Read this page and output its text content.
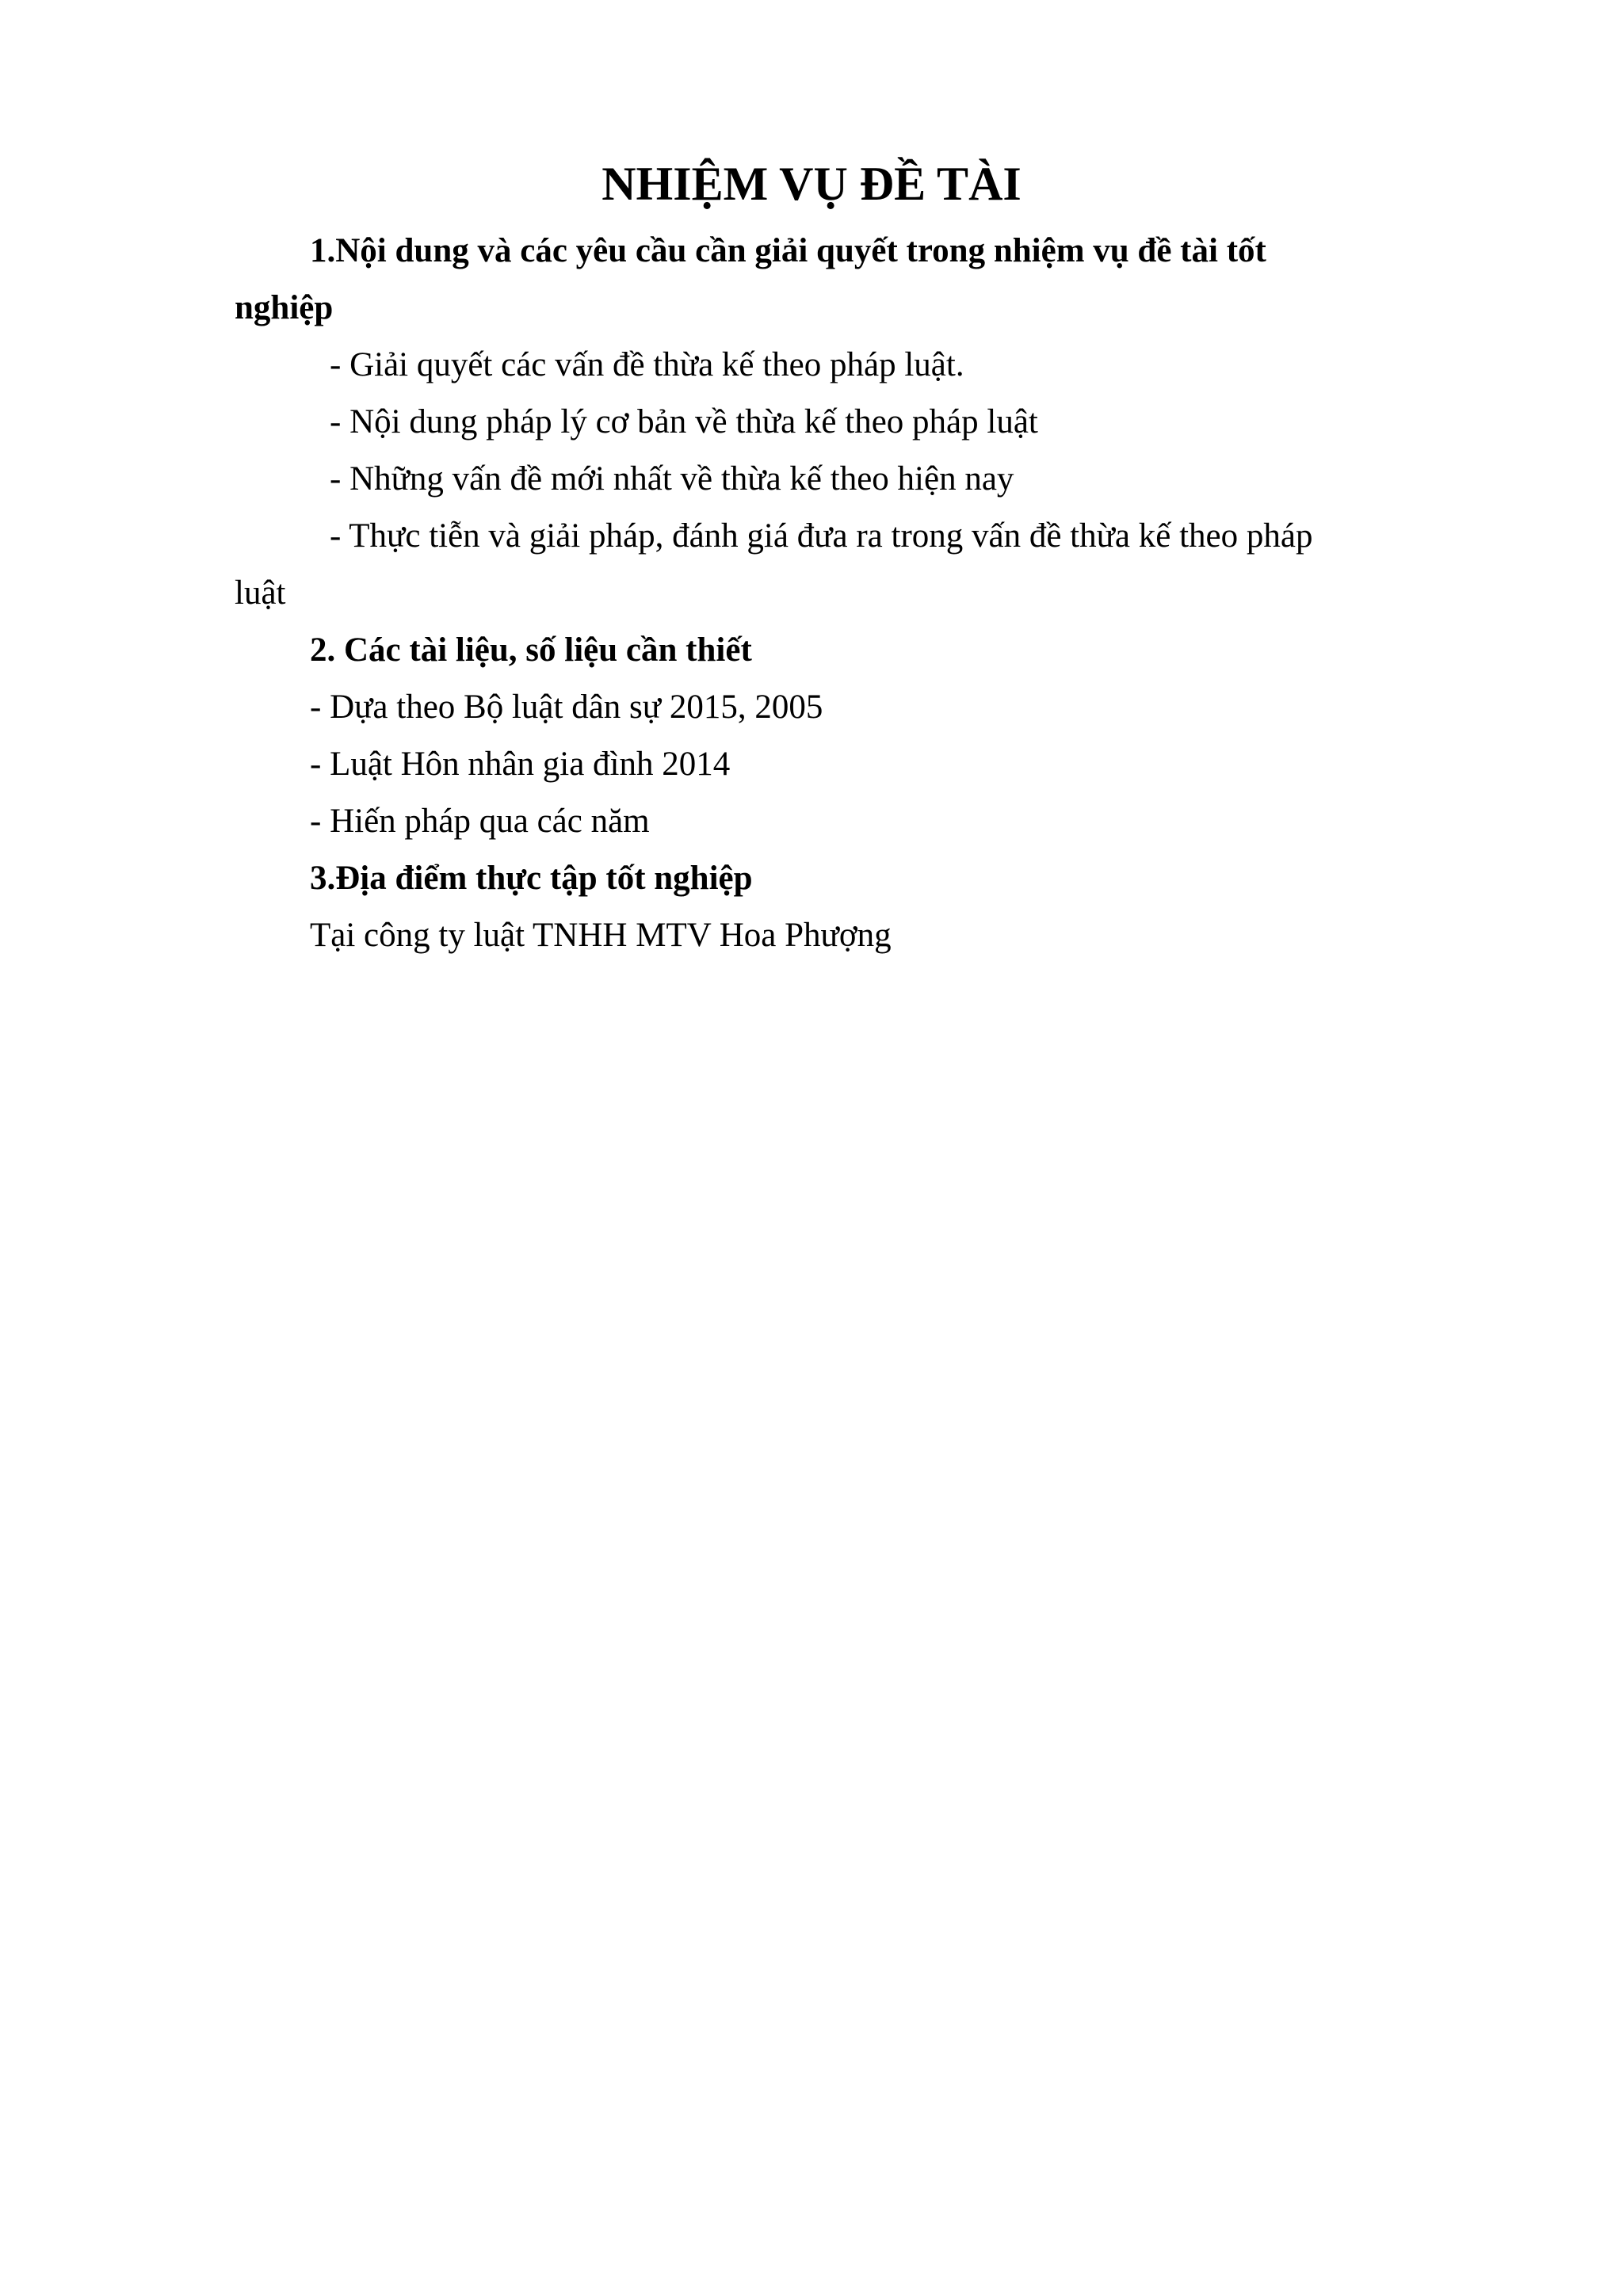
NHIỆM VỤ ĐỀ TÀI
1.Nội dung và các yêu cầu cần giải quyết trong nhiệm vụ đề tài tốt
nghiệp
- Giải quyết các vấn đề thừa kế theo pháp luật.
- Nội dung pháp lý cơ bản về thừa kế theo pháp luật
- Những vấn đề mới nhất về thừa kế theo hiện nay
- Thực tiễn và giải pháp, đánh giá đưa ra trong vấn đề thừa kế theo pháp
luật
2. Các tài liệu, số liệu cần thiết
- Dựa theo Bộ luật dân sự 2015, 2005
- Luật Hôn nhân gia đình 2014
- Hiến pháp qua các năm
3.Địa điểm thực tập tốt nghiệp
Tại công ty luật TNHH MTV Hoa Phượng
